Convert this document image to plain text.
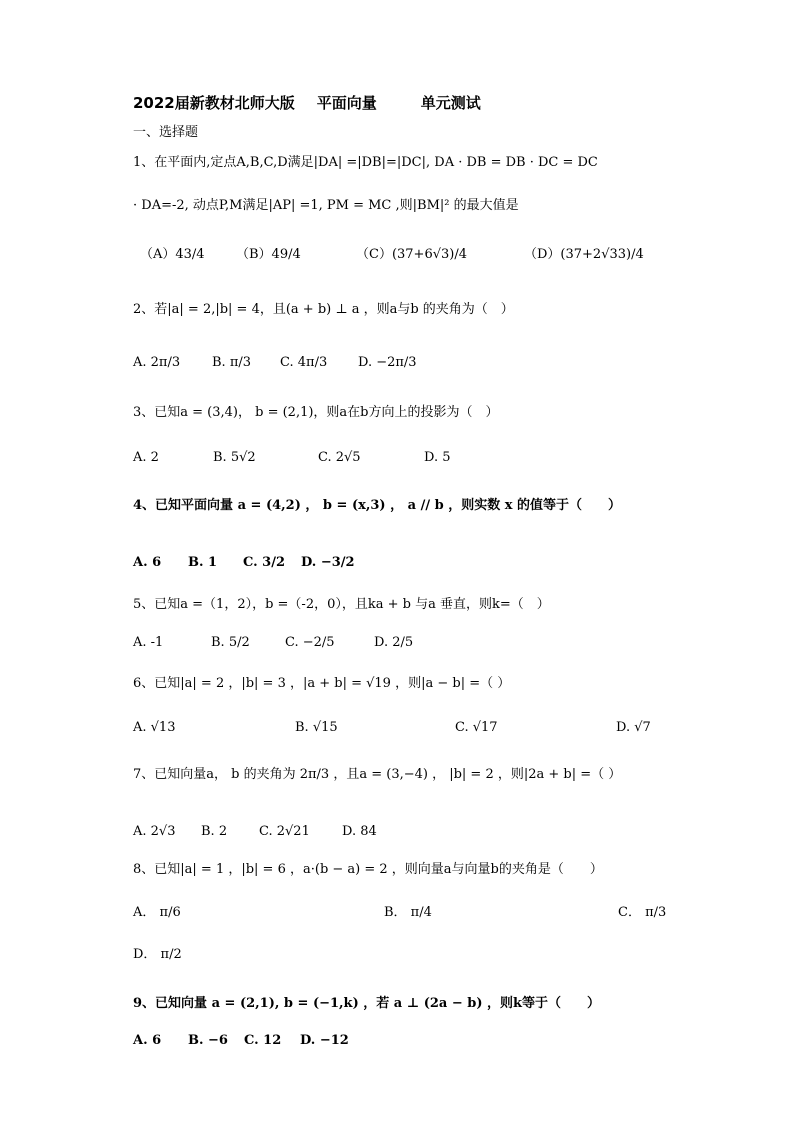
2022届新教材北师大版 平面向量	单元测试
一、选择题
1、在平面内,定点A,B,C,D满足|DA| =|DB|=|DC|, DA · DB = DB · DC = DC
· DA=-2, 动点P,M满足|AP| =1, PM = MC ,则|BM|² 的最大值是
（A）43/4 （B）49/4	（C）(37+6√3)/4	（D）(37+2√33)/4
2、若|a| = 2,|b| = 4，且(a + b) ⊥ a ，则a与b 的夹角为（　）
A. 2π/3 B. π/3 C. 4π/3 D. −2π/3
3、已知a = (3,4)， b = (2,1)，则a在b方向上的投影为（　）
A. 2	B. 5√2	C. 2√5	D. 5
4、已知平面向量 a = (4,2) ， b = (x,3) ， a // b ，则实数 x 的值等于（　　）
A. 6 B. 1 C. 3/2 D. −3/2
5、已知a =（1，2），b =（-2，0），且ka + b 与a 垂直，则k=（　）
A. -1	B. 5/2	C. −2/5	D. 2/5
6、已知|a| = 2 ，|b| = 3 ，|a + b| = √19 ，则|a − b| =（ ）
A. √13	B. √15	C. √17	D. √7
7、已知向量a， b 的夹角为 2π/3 ，且a = (3,−4) ， |b| = 2 ，则|2a + b| =（ ）
A. 2√3 B. 2 C. 2√21 D. 84
8、已知|a| = 1 ，|b| = 6 ，a·(b − a) = 2 ，则向量a与向量b的夹角是（　　）
A． π/6	B． π/4	C． π/3
D． π/2
9、已知向量 a = (2,1), b = (−1,k) ，若 a ⊥ (2a − b) ，则k等于（　　）
A. 6 B. −6 C. 12 D. −12
